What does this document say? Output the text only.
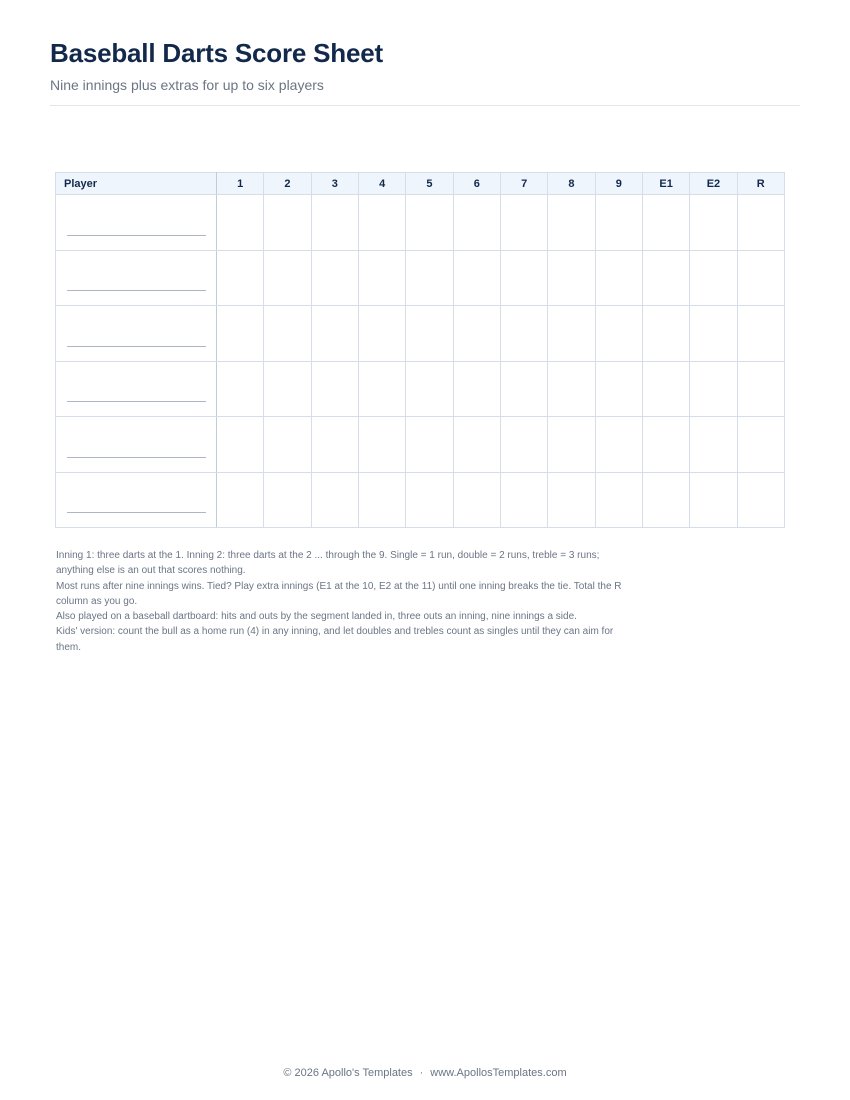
Baseball Darts Score Sheet
Nine innings plus extras for up to six players
Player	1	2	3	4	5	6	7	8	9	E1	E2	R

Inning 1: three darts at the 1. Inning 2: three darts at the 2 ... through the 9. Single = 1 run, double = 2 runs, treble = 3 runs; anything else is an out that scores nothing.

Most runs after nine innings wins. Tied? Play extra innings (E1 at the 10, E2 at the 11) until one inning breaks the tie. Total the R column as you go.

Also played on a baseball dartboard: hits and outs by the segment landed in, three outs an inning, nine innings a side.

Kids' version: count the bull as a home run (4) in any inning, and let doubles and trebles count as singles until they can aim for them.

© 2026 Apollo's Templates · www.ApollosTemplates.com
